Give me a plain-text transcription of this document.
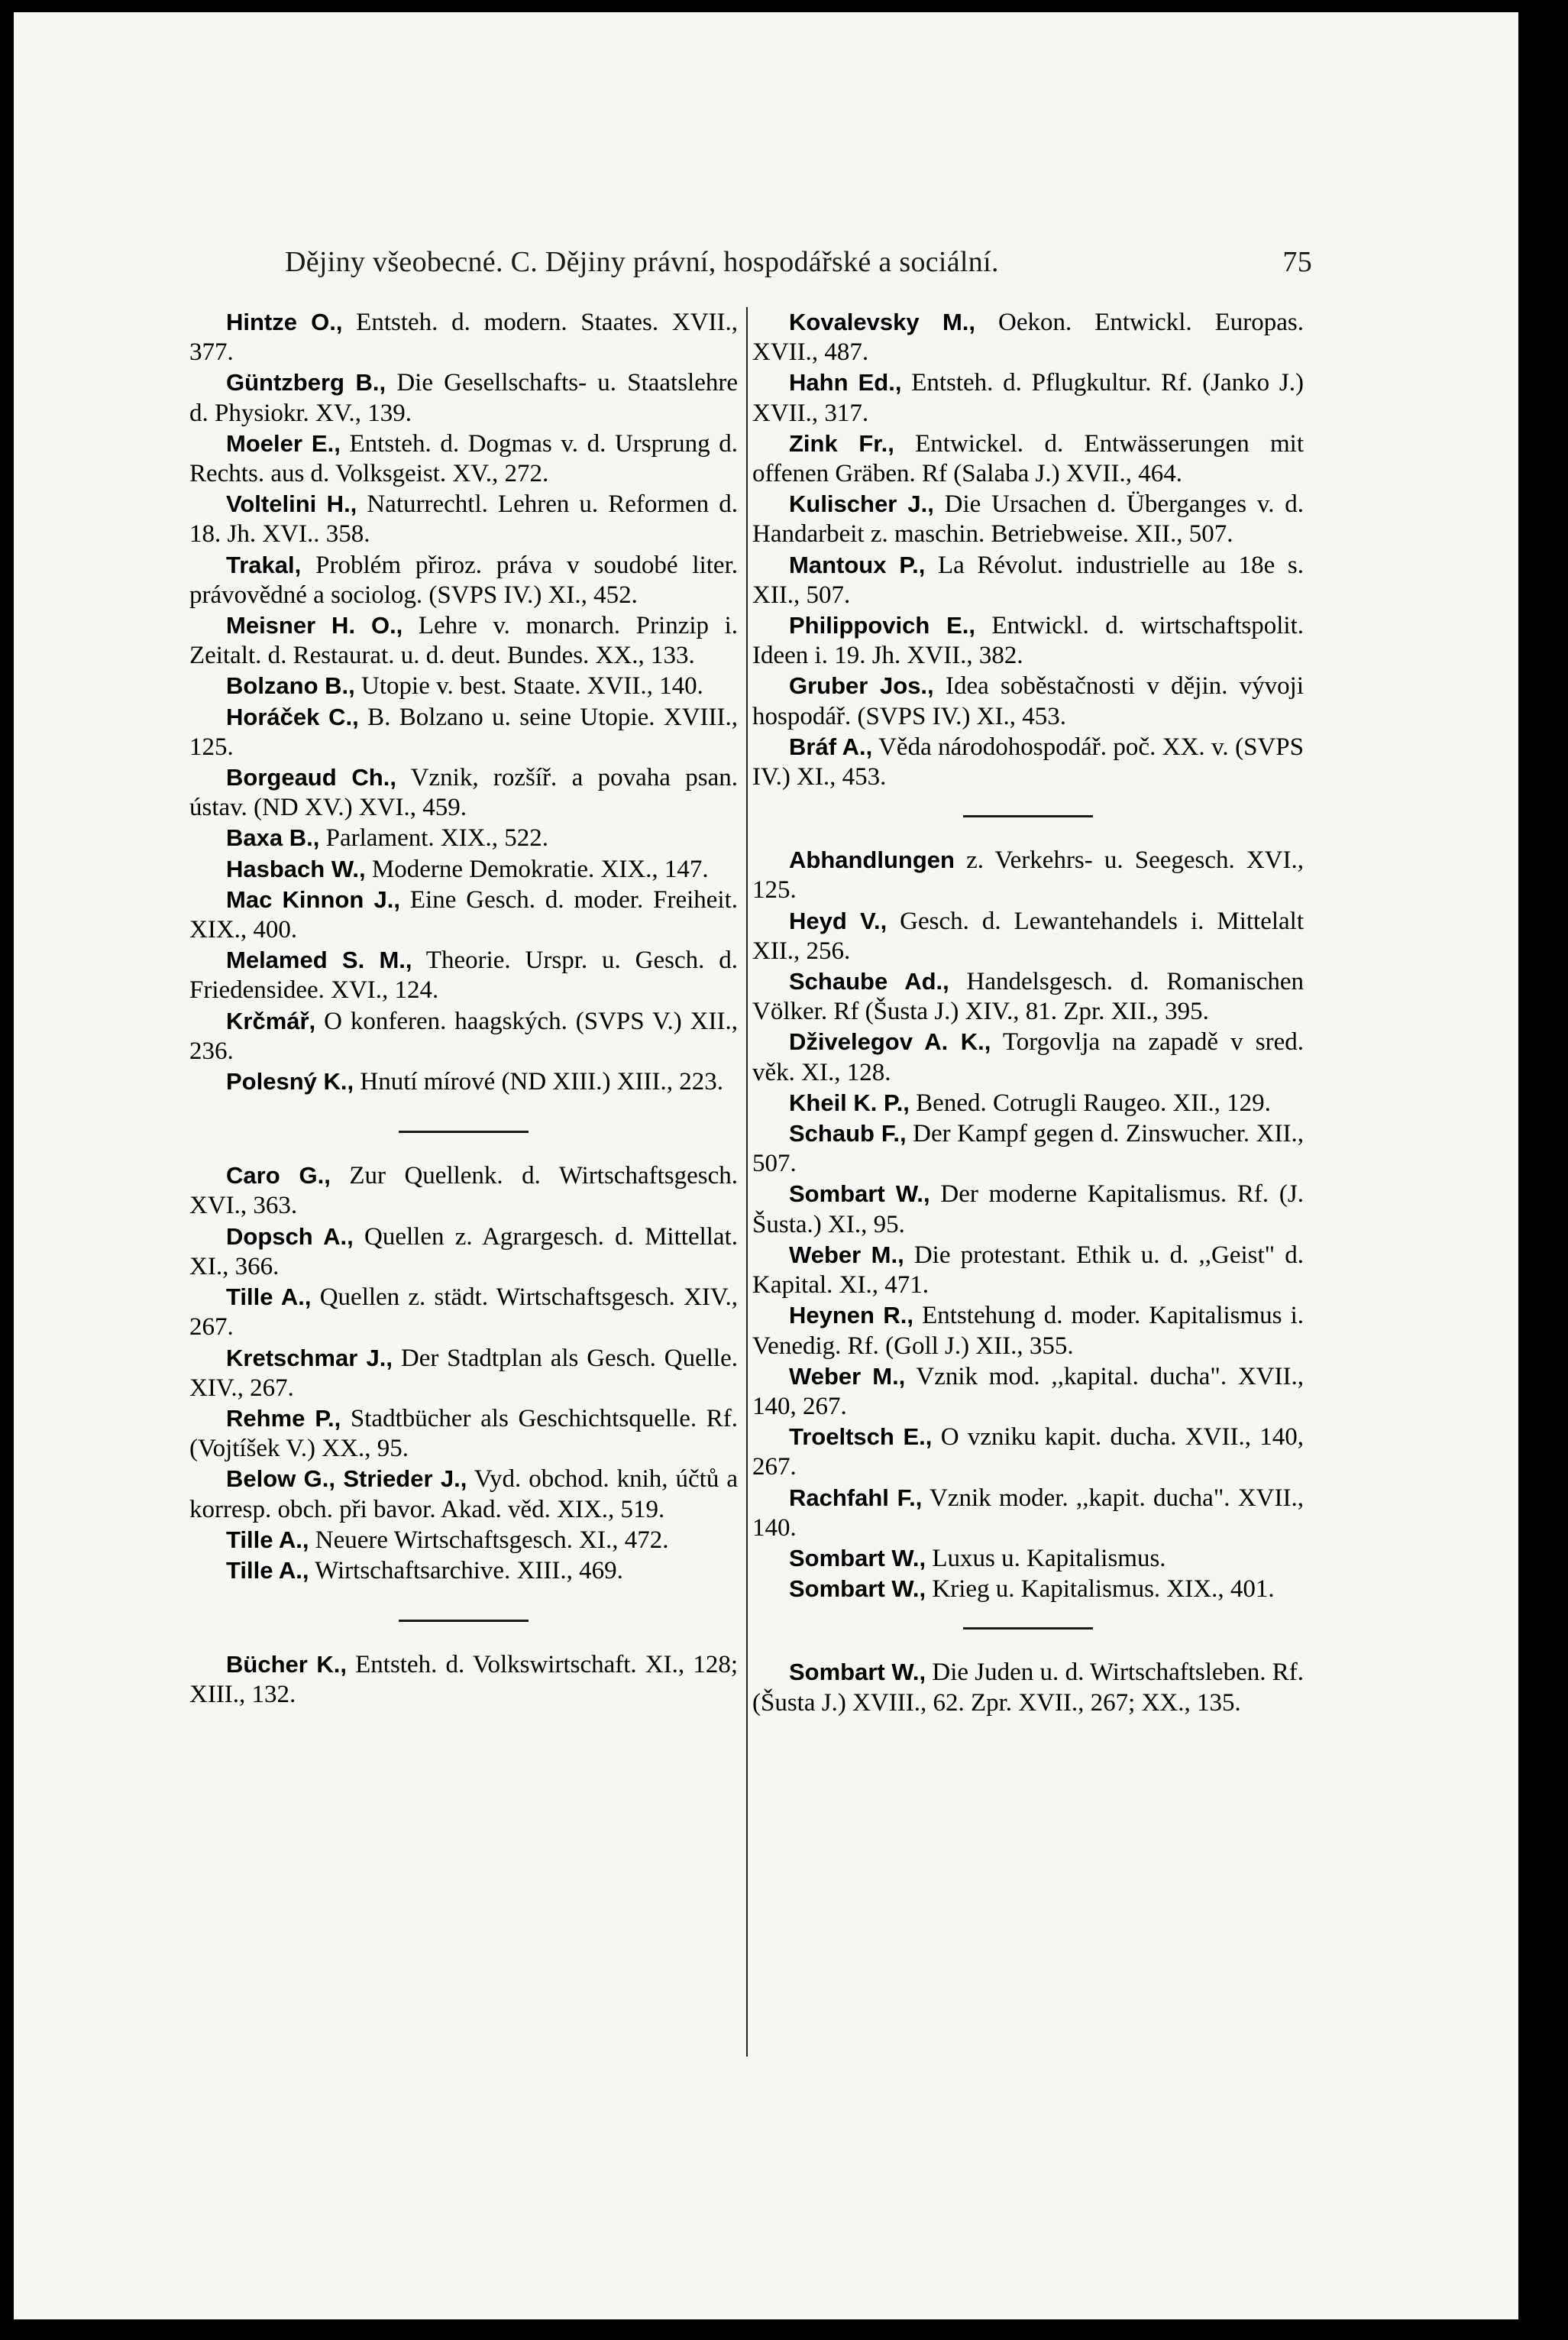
Dějiny všeobecné. C. Dějiny právní, hospodářské a sociální.	75

Hintze O., Entsteh. d. modern. Staates. XVII., 377.

Güntzberg B., Die Gesellschafts- u. Staatslehre d. Physiokr. XV., 139.

Moeler E., Entsteh. d. Dogmas v. d. Ursprung d. Rechts. aus d. Volksgeist. XV., 272.

Voltelini H., Naturrechtl. Lehren u. Reformen d. 18. Jh. XVI.. 358.

Trakal, Problém přiroz. práva v soudobé liter. právovědné a sociolog. (SVPS IV.) XI., 452.

Meisner H. O., Lehre v. monarch. Prinzip i. Zeitalt. d. Restaurat. u. d. deut. Bundes. XX., 133.

Bolzano B., Utopie v. best. Staate. XVII., 140.

Horáček C., B. Bolzano u. seine Utopie. XVIII., 125.

Borgeaud Ch., Vznik, rozšíř. a povaha psan. ústav. (ND XV.) XVI., 459.

Baxa B., Parlament. XIX., 522.

Hasbach W., Moderne Demokratie. XIX., 147.

Mac Kinnon J., Eine Gesch. d. moder. Freiheit. XIX., 400.

Melamed S. M., Theorie. Urspr. u. Gesch. d. Friedensidee. XVI., 124.

Krčmář, O konferen. haagských. (SVPS V.) XII., 236.

Polesný K., Hnutí mírové (ND XIII.) XIII., 223.

Caro G., Zur Quellenk. d. Wirtschaftsgesch. XVI., 363.

Dopsch A., Quellen z. Agrargesch. d. Mittellat. XI., 366.

Tille A., Quellen z. städt. Wirtschaftsgesch. XIV., 267.

Kretschmar J., Der Stadtplan als Gesch. Quelle. XIV., 267.

Rehme P., Stadtbücher als Geschichtsquelle. Rf. (Vojtíšek V.) XX., 95.

Below G., Strieder J., Vyd. obchod. knih, účtů a korresp. obch. při bavor. Akad. věd. XIX., 519.

Tille A., Neuere Wirtschaftsgesch. XI., 472.

Tille A., Wirtschaftsarchive. XIII., 469.

Bücher K., Entsteh. d. Volkswirtschaft. XI., 128; XIII., 132.

Kovalevsky M., Oekon. Entwickl. Europas. XVII., 487.

Hahn Ed., Entsteh. d. Pflugkultur. Rf. (Janko J.) XVII., 317.

Zink Fr., Entwickel. d. Entwässerungen mit offenen Gräben. Rf (Salaba J.) XVII., 464.

Kulischer J., Die Ursachen d. Überganges v. d. Handarbeit z. maschin. Betriebweise. XII., 507.

Mantoux P., La Révolut. industrielle au 18e s. XII., 507.

Philippovich E., Entwickl. d. wirtschaftspolit. Ideen i. 19. Jh. XVII., 382.

Gruber Jos., Idea soběstačnosti v dějin. vývoji hospodář. (SVPS IV.) XI., 453.

Bráf A., Věda národohospodář. poč. XX. v. (SVPS IV.) XI., 453.

Abhandlungen z. Verkehrs- u. Seegesch. XVI., 125.

Heyd V., Gesch. d. Lewantehandels i. Mittelalt XII., 256.

Schaube Ad., Handelsgesch. d. Romanischen Völker. Rf (Šusta J.) XIV., 81. Zpr. XII., 395.

Dživelegov A. K., Torgovlja na zapadě v sred. věk. XI., 128.

Kheil K. P., Bened. Cotrugli Raugeo. XII., 129.

Schaub F., Der Kampf gegen d. Zinswucher. XII., 507.

Sombart W., Der moderne Kapitalismus. Rf. (J. Šusta.) XI., 95.

Weber M., Die protestant. Ethik u. d. ,,Geist" d. Kapital. XI., 471.

Heynen R., Entstehung d. moder. Kapitalismus i. Venedig. Rf. (Goll J.) XII., 355.

Weber M., Vznik mod. ,,kapital. ducha". XVII., 140, 267.

Troeltsch E., O vzniku kapit. ducha. XVII., 140, 267.

Rachfahl F., Vznik moder. ,,kapit. ducha". XVII., 140.

Sombart W., Luxus u. Kapitalismus.

Sombart W., Krieg u. Kapitalismus. XIX., 401.

Sombart W., Die Juden u. d. Wirtschaftsleben. Rf. (Šusta J.) XVIII., 62. Zpr. XVII., 267; XX., 135.
